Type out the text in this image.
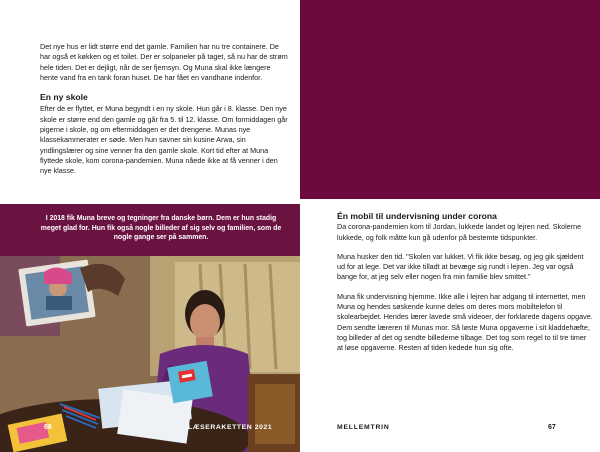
Det nye hus er lidt større end det gamle. Familien har nu tre containere. De har også et køkken og et toilet. Der er solpaneler på taget, så nu har de strøm hele tiden. Det er dejligt, når de ser fjernsyn. Og Muna skal ikke længere hente vand fra en tank foran huset. De har fået en vandhane indenfor.

En ny skole

Efter de er flyttet, er Muna begyndt i en ny skole. Hun går i 8. klasse. Den nye skole er større end den gamle og går fra 5. til 12. klasse. Om formiddagen går pigerne i skole, og om eftermiddagen er det drengene. Munas nye klassekammerater er søde. Men hun savner sin kusine Arwa, sin yndlingslærer og sine venner fra den gamle skole. Kort tid efter at Muna flyttede skole, kom corona-pandemien. Muna nåede ikke at få venner i den nye klasse.

I 2018 fik Muna breve og tegninger fra danske børn. Dem er hun stadig meget glad for. Hun fik også nogle billeder af sig selv og familien, som de nogle gange ser på sammen.
66	LÆSERAKETTEN 2021
Én mobil til undervisning under corona

Da corona-pandemien kom til Jordan, lukkede landet og lejren ned. Skolerne lukkede, og folk måtte kun gå udenfor på bestemte tidspunkter.

Muna husker den tid. "Skolen var lukket. Vi fik ikke besøg, og jeg gik sjældent ud for at lege. Det var ikke tilladt at bevæge sig rundt i lejren. Jeg var også bange for, at jeg selv eller nogen fra min familie blev smittet."

Muna fik undervisning hjemme. Ikke alle i lejren har adgang til internettet, men Muna og hendes søskende kunne deles om deres mors mobiltelefon til skolearbejdet. Hendes lærer lavede små videoer, der forklarede dagens opgave. Dem sendte læreren til Munas mor. Så løste Muna opgaverne i sit kladdehæfte, tog billeder af det og sendte billederne tilbage. Det tog som regel to til tre timer at løse opgaverne. Resten af tiden kedede hun sig ofte.

MELLEMTRIN	67
